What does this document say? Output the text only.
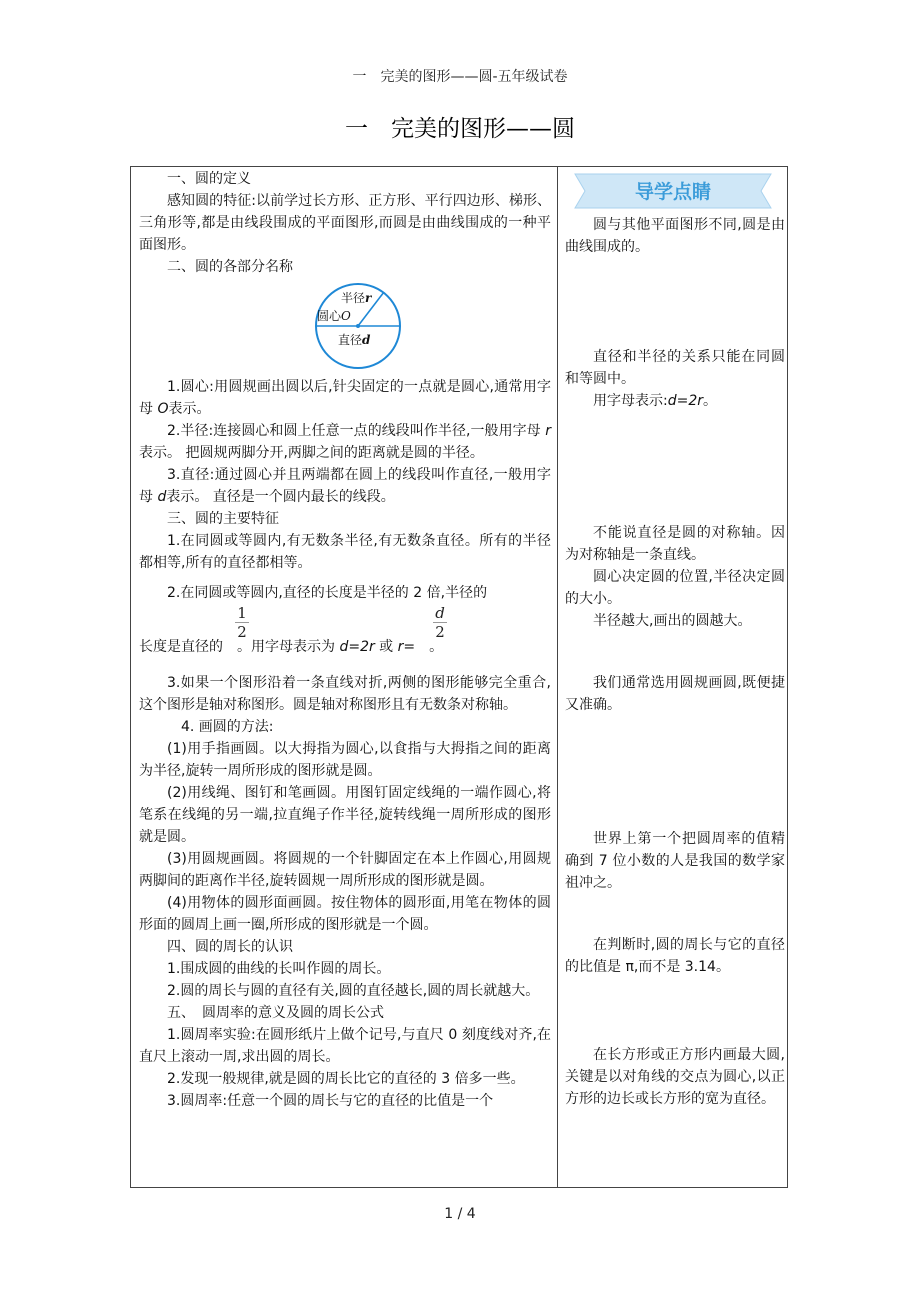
一　完美的图形——圆-五年级试卷
一　完美的图形——圆

一、圆的定义

感知圆的特征:以前学过长方形、正方形、平行四边形、梯形、三角形等,都是由线段围成的平面图形,而圆是由曲线围成的一种平面图形。

二、圆的各部分名称

半径r
圆心O
直径d

1.圆心:用圆规画出圆以后,针尖固定的一点就是圆心,通常用字母 O表示。

2.半径:连接圆心和圆上任意一点的线段叫作半径,一般用字母 r表示。 把圆规两脚分开,两脚之间的距离就是圆的半径。

3.直径:通过圆心并且两端都在圆上的线段叫作直径,一般用字母 d表示。 直径是一个圆内最长的线段。

三、圆的主要特征

1.在同圆或等圆内,有无数条半径,有无数条直径。所有的半径都相等,所有的直径都相等。

2.在同圆或等圆内,直径的长度是半径的 2 倍,半径的

长度是直径的 。用字母表示为 d=2r 或 r= 。
1
2
d
2

3.如果一个图形沿着一条直线对折,两侧的图形能够完全重合,这个图形是轴对称图形。圆是轴对称图形且有无数条对称轴。

4. 画圆的方法:

(1)用手指画圆。以大拇指为圆心,以食指与大拇指之间的距离为半径,旋转一周所形成的图形就是圆。

(2)用线绳、图钉和笔画圆。用图钉固定线绳的一端作圆心,将笔系在线绳的另一端,拉直绳子作半径,旋转线绳一周所形成的图形就是圆。

(3)用圆规画圆。将圆规的一个针脚固定在本上作圆心,用圆规两脚间的距离作半径,旋转圆规一周所形成的图形就是圆。

(4)用物体的圆形面画圆。按住物体的圆形面,用笔在物体的圆形面的圆周上画一圈,所形成的图形就是一个圆。

四、圆的周长的认识

1.围成圆的曲线的长叫作圆的周长。

2.圆的周长与圆的直径有关,圆的直径越长,圆的周长就越大。

五、　圆周率的意义及圆的周长公式

1.圆周率实验:在圆形纸片上做个记号,与直尺 0 刻度线对齐,在直尺上滚动一周,求出圆的周长。

2.发现一般规律,就是圆的周长比它的直径的 3 倍多一些。

3.圆周率:任意一个圆的周长与它的直径的比值是一个

导学点睛

圆与其他平面图形不同,圆是由曲线围成的。

直径和半径的关系只能在同圆和等圆中。

用字母表示:d=2r。

不能说直径是圆的对称轴。因为对称轴是一条直线。

圆心决定圆的位置,半径决定圆的大小。

半径越大,画出的圆越大。

我们通常选用圆规画圆,既便捷又准确。

世界上第一个把圆周率的值精确到 7 位小数的人是我国的数学家祖冲之。

在判断时,圆的周长与它的直径的比值是 π,而不是 3.14。

在长方形或正方形内画最大圆,关键是以对角线的交点为圆心,以正方形的边长或长方形的宽为直径。

1 / 4
